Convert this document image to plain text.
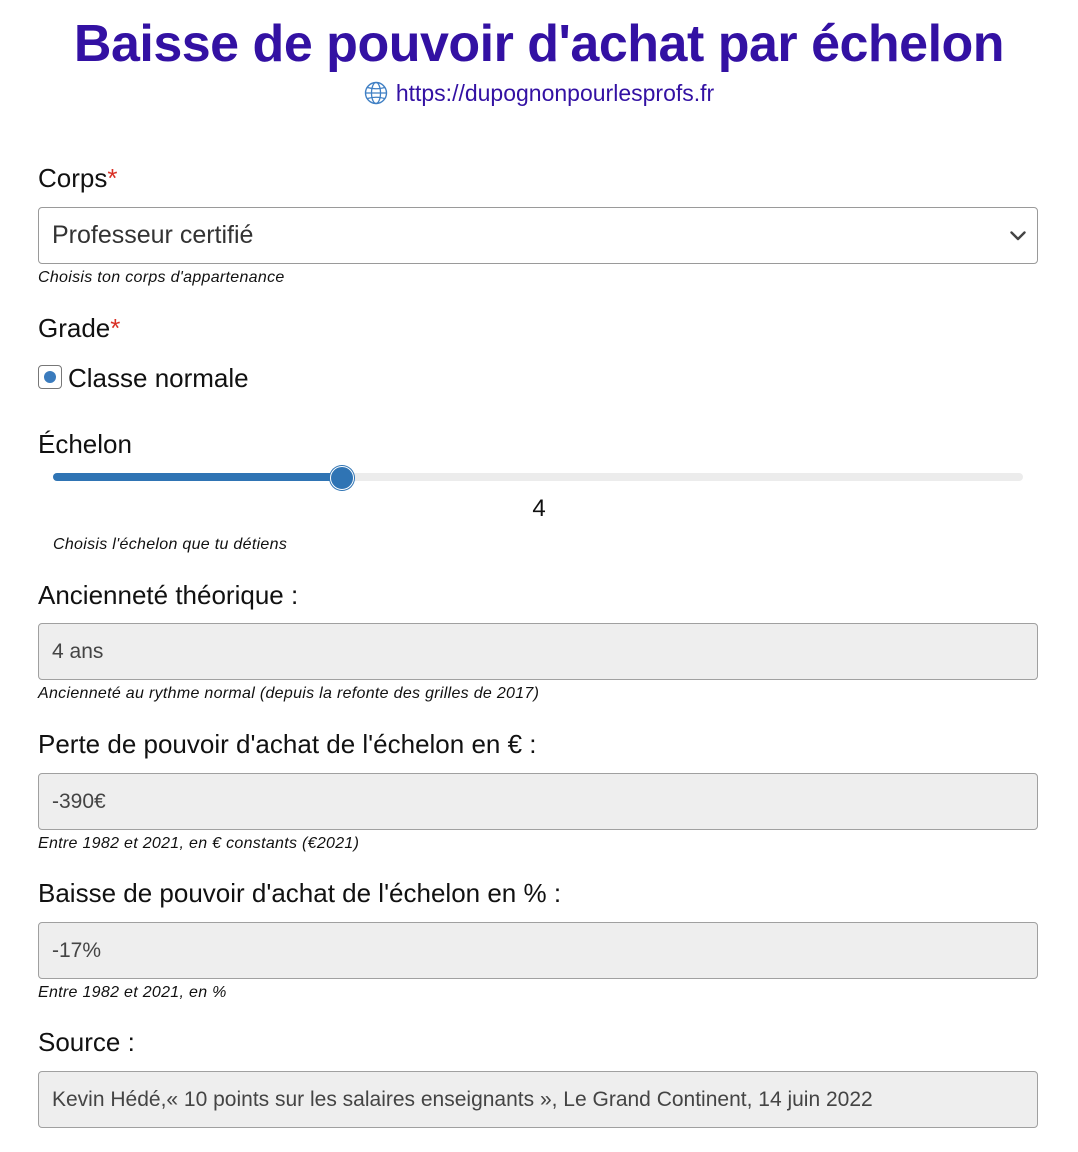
Baisse de pouvoir d'achat par échelon
https://dupognonpourlesprofs.fr
Corps*
Professeur certifié
Choisis ton corps d'appartenance
Grade*
Classe normale
Échelon
4
Choisis l'échelon que tu détiens
Ancienneté théorique :
4 ans
Ancienneté au rythme normal (depuis la refonte des grilles de 2017)
Perte de pouvoir d'achat de l'échelon en € :
-390€
Entre 1982 et 2021, en € constants (€2021)
Baisse de pouvoir d'achat de l'échelon en % :
-17%
Entre 1982 et 2021, en %
Source :
Kevin Hédé,« 10 points sur les salaires enseignants », Le Grand Continent, 14 juin 2022
